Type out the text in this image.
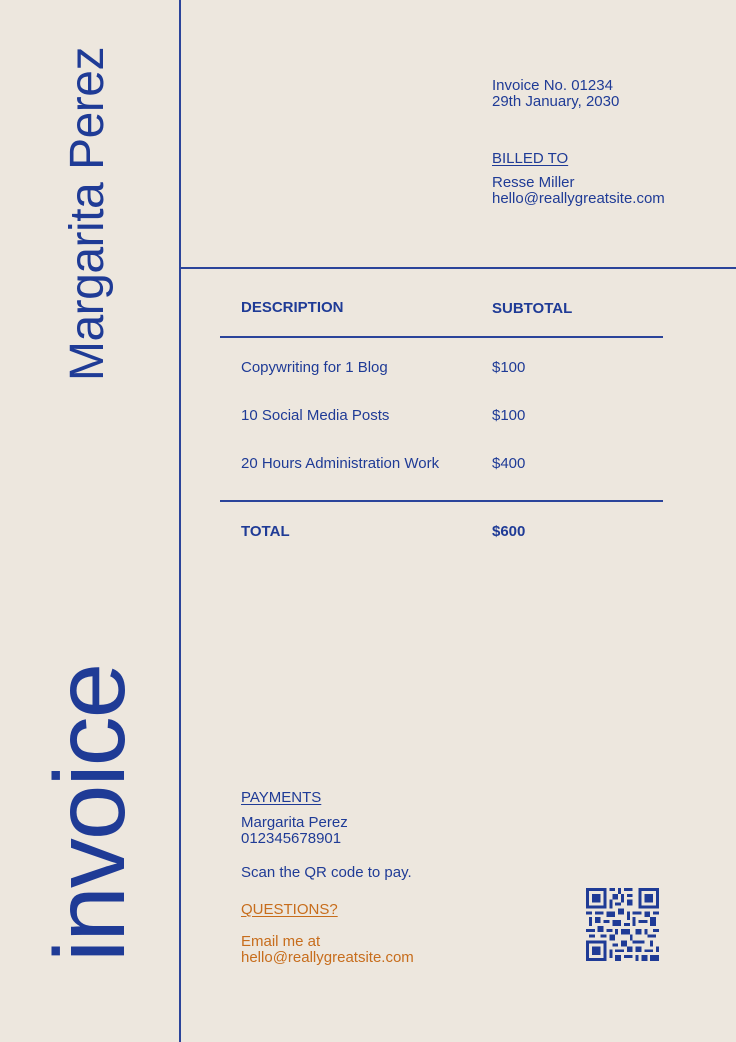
Margarita Perez
invoice
Invoice No. 01234
29th January, 2030
BILLED TO
Resse Miller
hello@reallygreatsite.com
DESCRIPTION	SUBTOTAL
Copywriting for 1 Blog	$100
10 Social Media Posts	$100
20 Hours Administration Work	$400
TOTAL	$600
PAYMENTS
Margarita Perez
012345678901
Scan the QR code to pay.
QUESTIONS?
Email me at
hello@reallygreatsite.com
